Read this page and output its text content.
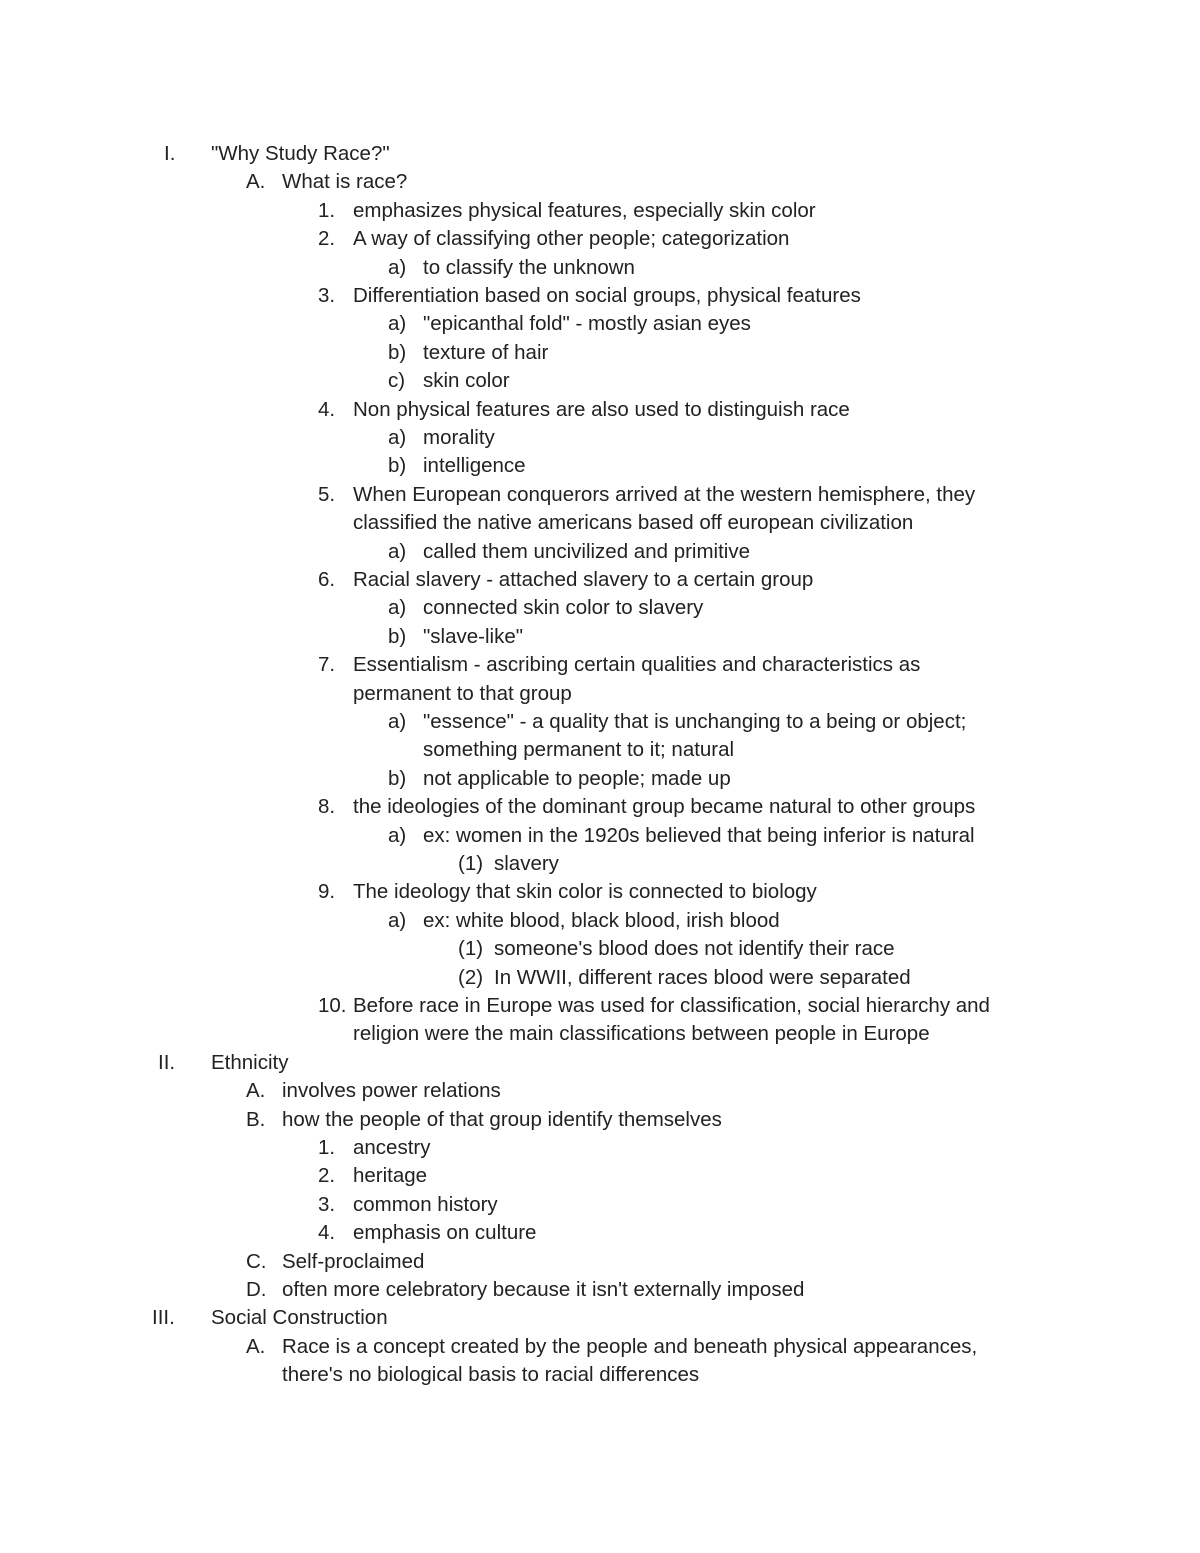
I. "Why Study Race?"
A. What is race?
1. emphasizes physical features, especially skin color
2. A way of classifying other people; categorization
a) to classify the unknown
3. Differentiation based on social groups, physical features
a) "epicanthal fold" - mostly asian eyes
b) texture of hair
c) skin color
4. Non physical features are also used to distinguish race
a) morality
b) intelligence
5. When European conquerors arrived at the western hemisphere, they
classified the native americans based off european civilization
a) called them uncivilized and primitive
6. Racial slavery - attached slavery to a certain group
a) connected skin color to slavery
b) "slave-like"
7. Essentialism - ascribing certain qualities and characteristics as
permanent to that group
a) "essence" - a quality that is unchanging to a being or object;
something permanent to it; natural
b) not applicable to people; made up
8. the ideologies of the dominant group became natural to other groups
a) ex: women in the 1920s believed that being inferior is natural
(1) slavery
9. The ideology that skin color is connected to biology
a) ex: white blood, black blood, irish blood
(1) someone's blood does not identify their race
(2) In WWII, different races blood were separated
10. Before race in Europe was used for classification, social hierarchy and
religion were the main classifications between people in Europe
II. Ethnicity
A. involves power relations
B. how the people of that group identify themselves
1. ancestry
2. heritage
3. common history
4. emphasis on culture
C. Self-proclaimed
D. often more celebratory because it isn't externally imposed
III. Social Construction
A. Race is a concept created by the people and beneath physical appearances,
there's no biological basis to racial differences
